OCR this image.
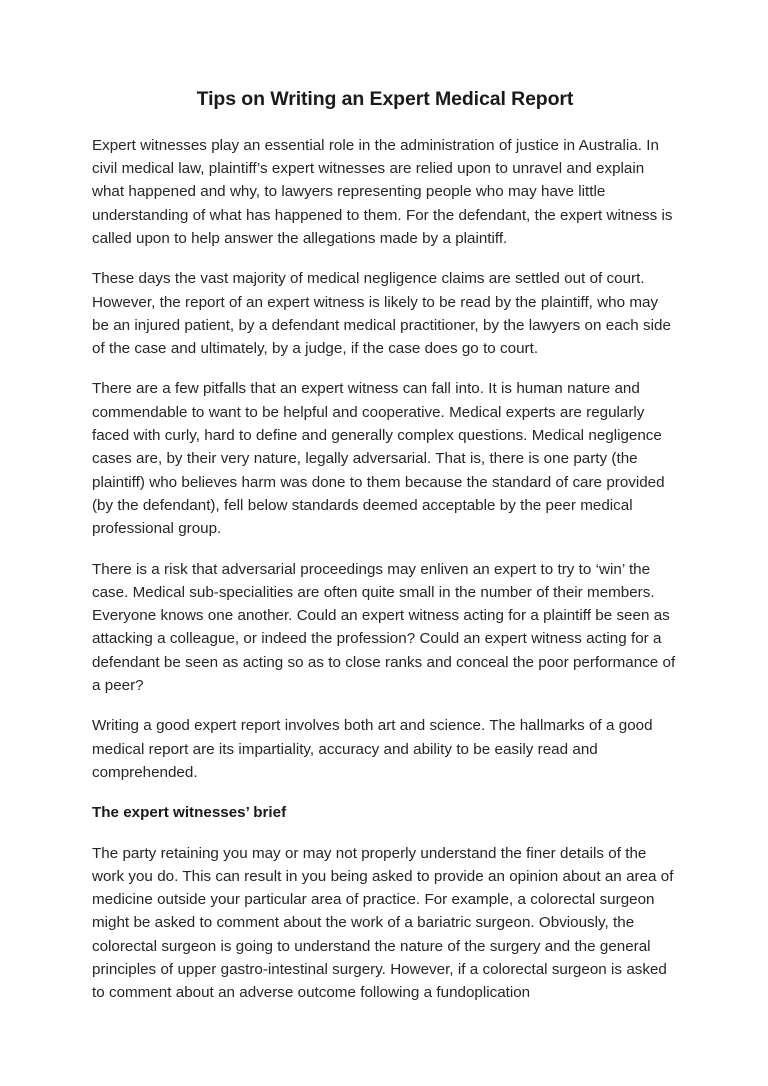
Tips on Writing an Expert Medical Report

Expert witnesses play an essential role in the administration of justice in Australia. In civil medical law, plaintiff’s expert witnesses are relied upon to unravel and explain what happened and why, to lawyers representing people who may have little understanding of what has happened to them. For the defendant, the expert witness is called upon to help answer the allegations made by a plaintiff.

These days the vast majority of medical negligence claims are settled out of court. However, the report of an expert witness is likely to be read by the plaintiff, who may be an injured patient, by a defendant medical practitioner, by the lawyers on each side of the case and ultimately, by a judge, if the case does go to court.

There are a few pitfalls that an expert witness can fall into. It is human nature and commendable to want to be helpful and cooperative. Medical experts are regularly faced with curly, hard to define and generally complex questions. Medical negligence cases are, by their very nature, legally adversarial. That is, there is one party (the plaintiff) who believes harm was done to them because the standard of care provided (by the defendant), fell below standards deemed acceptable by the peer medical professional group.

There is a risk that adversarial proceedings may enliven an expert to try to ‘win’ the case. Medical sub-specialities are often quite small in the number of their members. Everyone knows one another. Could an expert witness acting for a plaintiff be seen as attacking a colleague, or indeed the profession? Could an expert witness acting for a defendant be seen as acting so as to close ranks and conceal the poor performance of a peer?

Writing a good expert report involves both art and science. The hallmarks of a good medical report are its impartiality, accuracy and ability to be easily read and comprehended.

The expert witnesses’ brief

The party retaining you may or may not properly understand the finer details of the work you do. This can result in you being asked to provide an opinion about an area of medicine outside your particular area of practice. For example, a colorectal surgeon might be asked to comment about the work of a bariatric surgeon. Obviously, the colorectal surgeon is going to understand the nature of the surgery and the general principles of upper gastro-intestinal surgery. However, if a colorectal surgeon is asked to comment about an adverse outcome following a fundoplication
